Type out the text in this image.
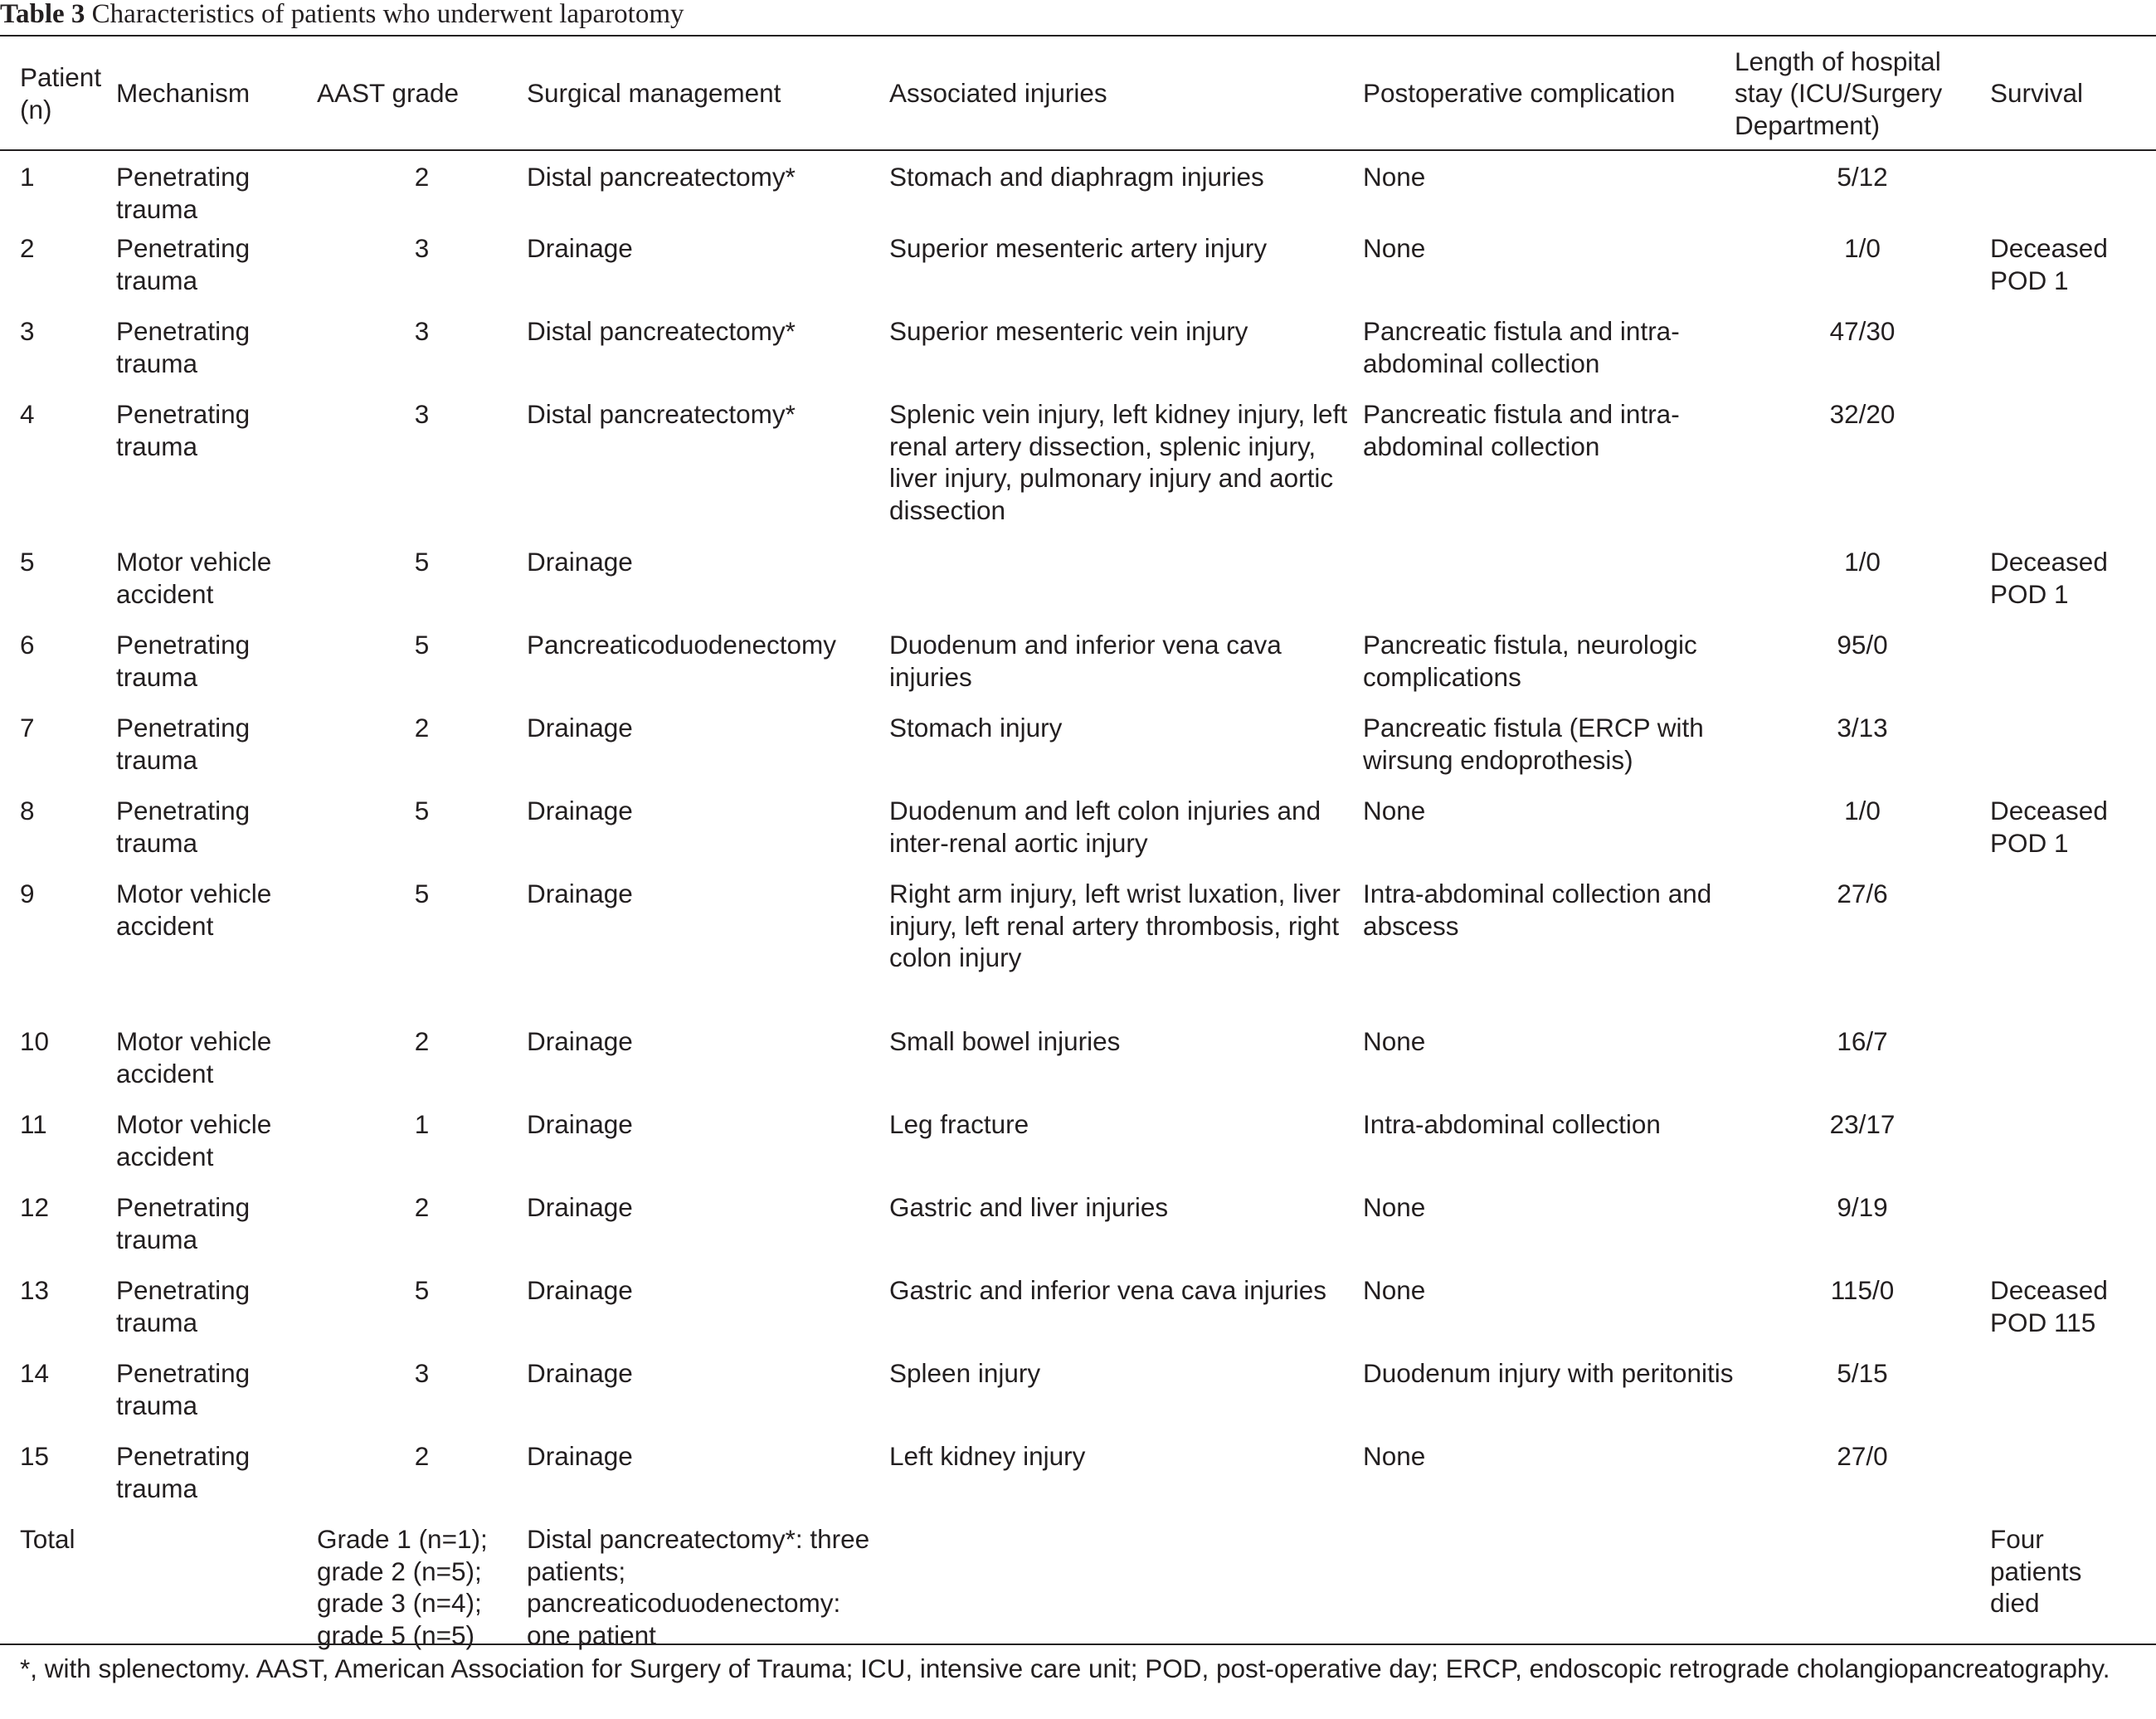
Table 3 Characteristics of patients who underwent laparotomy
Patient (n)	Mechanism	AAST grade	Surgical management	Associated injuries	Postoperative complication	Length of hospital stay (ICU/Surgery Department)	Survival
1	Penetrating trauma	2	Distal pancreatectomy*	Stomach and diaphragm injuries	None	5/12	
2	Penetrating trauma	3	Drainage	Superior mesenteric artery injury	None	1/0	Deceased POD 1
3	Penetrating trauma	3	Distal pancreatectomy*	Superior mesenteric vein injury	Pancreatic fistula and intra-abdominal collection	47/30	
4	Penetrating trauma	3	Distal pancreatectomy*	Splenic vein injury, left kidney injury, left renal artery dissection, splenic injury, liver injury, pulmonary injury and aortic dissection	Pancreatic fistula and intra-abdominal collection	32/20	
5	Motor vehicle accident	5	Drainage			1/0	Deceased POD 1
6	Penetrating trauma	5	Pancreaticoduodenectomy	Duodenum and inferior vena cava injuries	Pancreatic fistula, neurologic complications	95/0	
7	Penetrating trauma	2	Drainage	Stomach injury	Pancreatic fistula (ERCP with wirsung endoprothesis)	3/13	
8	Penetrating trauma	5	Drainage	Duodenum and left colon injuries and inter-renal aortic injury	None	1/0	Deceased POD 1
9	Motor vehicle accident	5	Drainage	Right arm injury, left wrist luxation, liver injury, left renal artery thrombosis, right colon injury	Intra-abdominal collection and abscess	27/6	
10	Motor vehicle accident	2	Drainage	Small bowel injuries	None	16/7	
11	Motor vehicle accident	1	Drainage	Leg fracture	Intra-abdominal collection	23/17	
12	Penetrating trauma	2	Drainage	Gastric and liver injuries	None	9/19	
13	Penetrating trauma	5	Drainage	Gastric and inferior vena cava injuries	None	115/0	Deceased POD 115
14	Penetrating trauma	3	Drainage	Spleen injury	Duodenum injury with peritonitis	5/15	
15	Penetrating trauma	2	Drainage	Left kidney injury	None	27/0	
Total		Grade 1 (n=1); grade 2 (n=5); grade 3 (n=4); grade 5 (n=5)	Distal pancreatectomy*: three patients; pancreaticoduodenectomy: one patient				Four patients died
*, with splenectomy. AAST, American Association for Surgery of Trauma; ICU, intensive care unit; POD, post-operative day; ERCP, endoscopic retrograde cholangiopancreatography.
